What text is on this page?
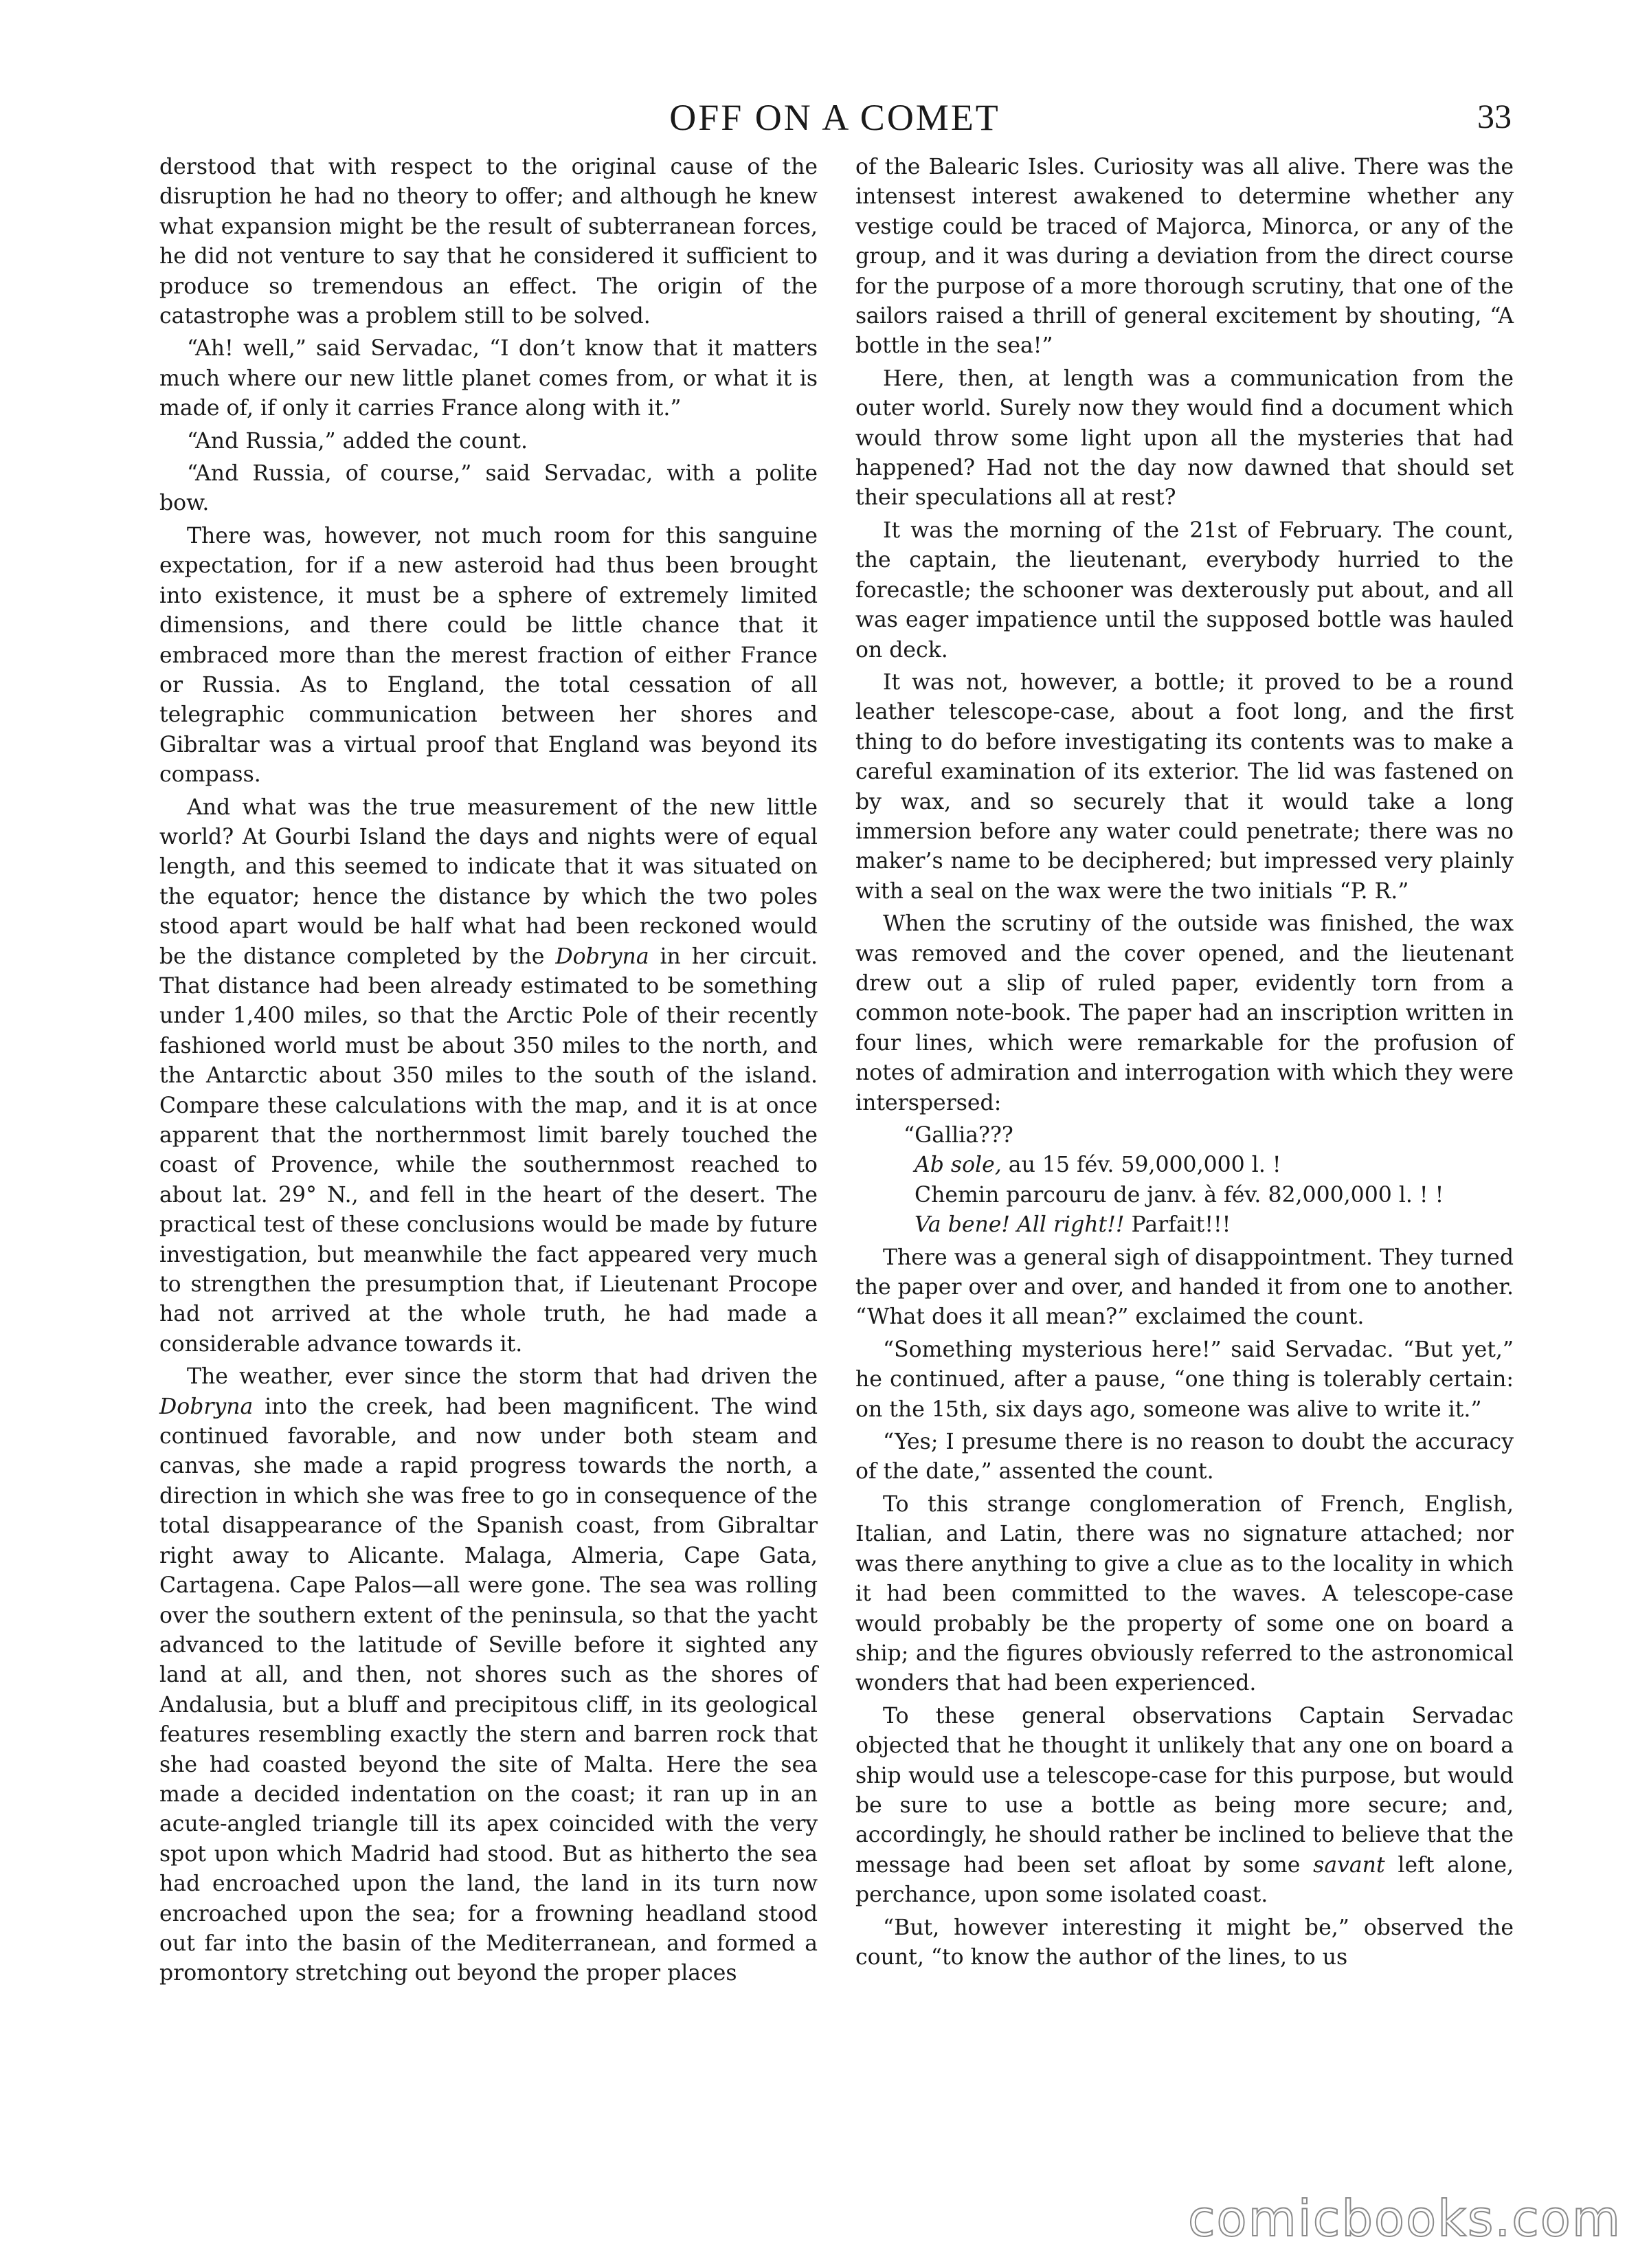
OFF ON A COMET	33

derstood that with respect to the original cause of the disruption he had no theory to offer; and although he knew what expansion might be the result of subterranean forces, he did not venture to say that he considered it sufficient to produce so tremendous an effect. The origin of the catastrophe was a problem still to be solved.

“Ah! well,” said Servadac, “I don’t know that it matters much where our new little planet comes from, or what it is made of, if only it carries France along with it.”

“And Russia,” added the count.

“And Russia, of course,” said Servadac, with a polite bow.

There was, however, not much room for this sanguine expectation, for if a new asteroid had thus been brought into existence, it must be a sphere of extremely limited dimensions, and there could be little chance that it embraced more than the merest fraction of either France or Russia. As to England, the total cessation of all telegraphic communication between her shores and Gibraltar was a virtual proof that England was beyond its compass.

And what was the true measurement of the new little world? At Gourbi Island the days and nights were of equal length, and this seemed to indicate that it was situated on the equator; hence the distance by which the two poles stood apart would be half what had been reckoned would be the distance completed by the Dobryna in her circuit. That distance had been already estimated to be something under 1,400 miles, so that the Arctic Pole of their recently fashioned world must be about 350 miles to the north, and the Antarctic about 350 miles to the south of the island. Compare these calculations with the map, and it is at once apparent that the northernmost limit barely touched the coast of Provence, while the southernmost reached to about lat. 29° N., and fell in the heart of the desert. The practical test of these conclusions would be made by future investigation, but meanwhile the fact appeared very much to strengthen the presumption that, if Lieutenant Procope had not arrived at the whole truth, he had made a considerable advance towards it.

The weather, ever since the storm that had driven the Dobryna into the creek, had been magnificent. The wind continued favorable, and now under both steam and canvas, she made a rapid progress towards the north, a direction in which she was free to go in consequence of the total disappearance of the Spanish coast, from Gibraltar right away to Alicante. Malaga, Almeria, Cape Gata, Cartagena. Cape Palos—all were gone. The sea was rolling over the southern extent of the peninsula, so that the yacht advanced to the latitude of Seville before it sighted any land at all, and then, not shores such as the shores of Andalusia, but a bluff and precipitous cliff, in its geological features resembling exactly the stern and barren rock that she had coasted beyond the site of Malta. Here the sea made a decided indentation on the coast; it ran up in an acute-angled triangle till its apex coincided with the very spot upon which Madrid had stood. But as hitherto the sea had encroached upon the land, the land in its turn now encroached upon the sea; for a frowning headland stood out far into the basin of the Mediterranean, and formed a promontory stretching out beyond the proper places

of the Balearic Isles. Curiosity was all alive. There was the intensest interest awakened to determine whether any vestige could be traced of Majorca, Minorca, or any of the group, and it was during a deviation from the direct course for the purpose of a more thorough scrutiny, that one of the sailors raised a thrill of general excitement by shouting, “A bottle in the sea!”

Here, then, at length was a communication from the outer world. Surely now they would find a document which would throw some light upon all the mysteries that had happened? Had not the day now dawned that should set their speculations all at rest?

It was the morning of the 21st of February. The count, the captain, the lieutenant, everybody hurried to the forecastle; the schooner was dexterously put about, and all was eager impatience until the supposed bottle was hauled on deck.

It was not, however, a bottle; it proved to be a round leather telescope-case, about a foot long, and the first thing to do before investigating its contents was to make a careful examination of its exterior. The lid was fastened on by wax, and so securely that it would take a long immersion before any water could penetrate; there was no maker’s name to be deciphered; but impressed very plainly with a seal on the wax were the two initials “P. R.”

When the scrutiny of the outside was finished, the wax was removed and the cover opened, and the lieutenant drew out a slip of ruled paper, evidently torn from a common note-book. The paper had an inscription written in four lines, which were remarkable for the profusion of notes of admiration and interrogation with which they were interspersed:

“Gallia???
Ab sole, au 15 fév. 59,000,000 l. !
Chemin parcouru de janv. à fév. 82,000,000 l. ! !
Va bene! All right!! Parfait!!!

There was a general sigh of disappointment. They turned the paper over and over, and handed it from one to another. “What does it all mean?” exclaimed the count.

“Something mysterious here!” said Servadac. “But yet,” he continued, after a pause, “one thing is tolerably certain: on the 15th, six days ago, someone was alive to write it.”

“Yes; I presume there is no reason to doubt the accuracy of the date,” assented the count.

To this strange conglomeration of French, English, Italian, and Latin, there was no signature attached; nor was there anything to give a clue as to the locality in which it had been committed to the waves. A telescope-case would probably be the property of some one on board a ship; and the figures obviously referred to the astronomical wonders that had been experienced.

To these general observations Captain Servadac objected that he thought it unlikely that any one on board a ship would use a telescope-case for this purpose, but would be sure to use a bottle as being more secure; and, accordingly, he should rather be inclined to believe that the message had been set afloat by some savant left alone, perchance, upon some isolated coast.

“But, however interesting it might be,” observed the count, “to know the author of the lines, to us

comicbooks.com
